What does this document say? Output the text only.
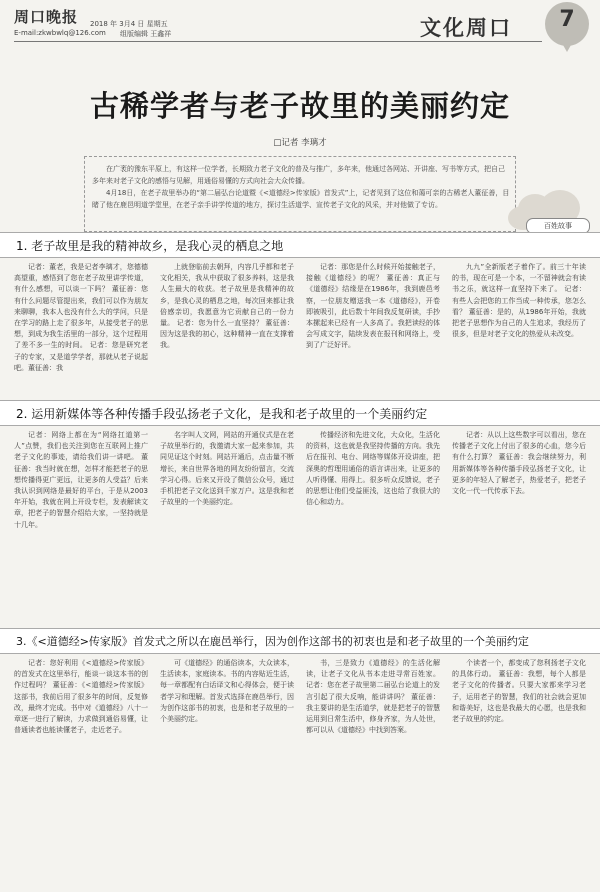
周口晚报 2018 年 3月4 日 星期五
E-mail:zkwbwlq@126.com 组版编辑 王鑫祥	文化周口	7
古稀学者与老子故里的美丽约定
□记者 李璃才

在广袤的豫东平原上，有这样一位学者，长期致力老子文化的普及与推广，多年来，他通过各网站、开讲座、写书等方式，把自己多年来对老子文化的感悟与见解，用通俗易懂的方式向社会大众传播。

4月18日，在老子故里举办的“第二届弘台论道暨《<道德经>传家版》首发式”上，记者见到了这位和蔼可亲的古稀老人董征善，目睹了他在鹿邑明道学堂里，在老子亲手讲学传道的地方，探讨生活道学、宣传老子文化的风采，并对他做了专访。

百姓故事
1. 老子故里是我的精神故乡，是我心灵的栖息之地

记者：董老，我是记者李璃才，您德德高望重，感悟到了您在老子故里讲学传道，有什么感想，可以谈一下吗？ 董征善：您有什么问题尽管提出来，我们可以作为朋友来聊聊，我本人也没有什么大的学问，只是在学习的路上走了很多年，从接受老子的思想，到成为我生活里的一部分，这个过程用了差不多一生的时间。 记者：您是研究老子的专家，又是道学学者，那就从老子说起吧。董征善：我

上就登临前去朝拜，内容几乎都和老子文化相关，我从中获取了很多养料，这是我人生最大的收获。老子故里是我精神的故乡，是我心灵的栖息之地，每次回来都让我倍感亲切，我愿意为它贡献自己的一份力量。 记者：您为什么一直坚持？ 董征善：因为这是我的初心，这种精神一直在支撑着我。

记者：那您是什么时候开始接触老子，接触《道德经》的呢？ 董征善：真正与《道德经》结缘是在1986年，我到鹿邑考察，一位朋友赠送我一本《道德经》，开卷即被吸引，此后数十年间我反复研读，手抄本摞起来已经有一人多高了。我把读经的体会写成文字，陆续发表在报刊和网络上，受到了广泛好评。

九九”全新版老子着作了。前三十年读的书，现在可是一个本，一不留神就会有读书之乐，就这样一直坚持下来了。 记者：有些人会把您的工作当成一种传承，您怎么看？ 董征善：是的，从1986年开始，我就把老子思想作为自己的人生追求，我经历了很多，但是对老子文化的热爱从未改变。

2. 运用新媒体等各种传播手段弘扬老子文化，是我和老子故里的一个美丽约定

记者：网络上都在为“网络扛道第一人”点赞，我们也关注到您在互联网上推广老子文化的事迹，请给我们讲一讲吧。 董征善：我当时就在想，怎样才能把老子的思想传播得更广更远，让更多的人受益？后来我认识到网络是最好的平台，于是从2003年开始，我就在网上开设专栏，发表解读文章，把老子的智慧介绍给大家，一坚持就是十几年。

名字叫人文网，网站的开通仪式是在老子故里举行的，我邀请大家一起来参加，共同见证这个时刻。网站开通后，点击量不断增长，来自世界各地的网友纷纷留言，交流学习心得。后来又开设了微信公众号，通过手机把老子文化送到千家万户。这是我和老子故里的一个美丽约定。

传播经济和先进文化，大众化，生活化的资料，这也就是我坚持传播的方向。我先后在报刊、电台、网络等媒体开设讲座，把深奥的哲理用通俗的语言讲出来，让更多的人听得懂、用得上。很多听众反馈说，老子的思想让他们受益匪浅，这也给了我很大的信心和动力。

记者：从以上这些数字可以看出，您在传播老子文化上付出了很多的心血，您今后有什么打算？ 董征善：我会继续努力，利用新媒体等各种传播手段弘扬老子文化，让更多的年轻人了解老子，热爱老子，把老子文化一代一代传承下去。

3.《<道德经>传家版》首发式之所以在鹿邑举行，因为创作这部书的初衷也是和老子故里的一个美丽约定

记者：您好利用《<道德经>传家版》的首发式在这里举行，能谈一谈这本书的创作过程吗？ 董征善：《<道德经>传家版》这部书，我前后用了很多年的时间，反复修改，最终才完成。书中对《道德经》八十一章逐一进行了解读，力求做到通俗易懂，让普通读者也能读懂老子，走近老子。

可《道德经》的通俗读本，大众读本，生活读本，家庭读本。书的内容贴近生活，每一章都配有白话译文和心得体会，便于读者学习和理解。首发式选择在鹿邑举行，因为创作这部书的初衷，也是和老子故里的一个美丽约定。

书，三是致力《道德经》的生活化解读，让老子文化从书本走进寻常百姓家。 记者：您在老子故里第二届弘台论道上的发言引起了很大反响，能讲讲吗？ 董征善：我主要讲的是生活道学，就是把老子的智慧运用到日常生活中，修身齐家，为人处世，都可以从《道德经》中找到答案。

个读者一个，都变成了您利扬老子文化的具体行动。 董征善：我想，每个人都是老子文化的传播者。只要大家都来学习老子，运用老子的智慧，我们的社会就会更加和谐美好，这也是我最大的心愿，也是我和老子故里的约定。
